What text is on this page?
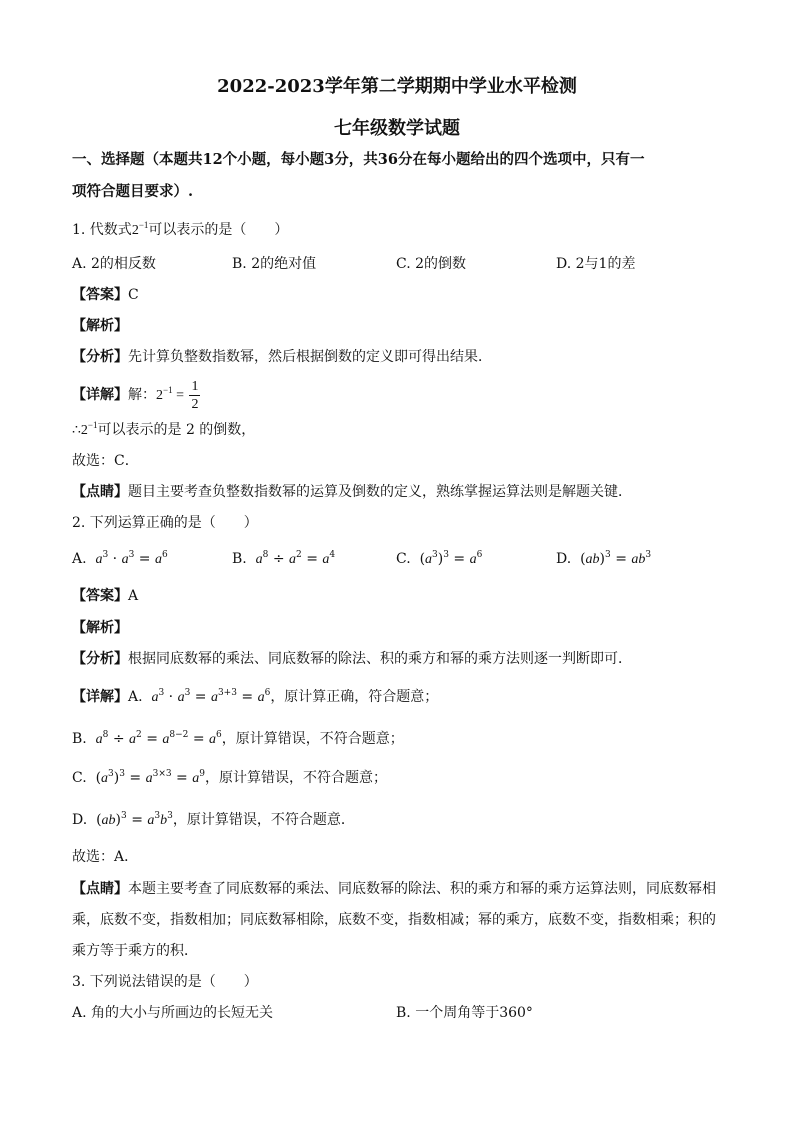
2022-2023学年第二学期期中学业水平检测
七年级数学试题
一、选择题（本题共12个小题，每小题3分，共36分在每小题给出的四个选项中，只有一
项符合题目要求）.
1. 代数式$2^{-1}$可以表示的是（　　）
A. 2的相反数	B. 2的绝对值	C. 2的倒数	D. 2与1的差
【答案】C
【解析】
【分析】先计算负整数指数幂，然后根据倒数的定义即可得出结果．
【详解】解：$2^{-1} = \frac{1}{2}$
$\therefore 2^{-1}$可以表示的是 2 的倒数，
故选：C．
【点睛】题目主要考查负整数指数幂的运算及倒数的定义，熟练掌握运算法则是解题关键．
2. 下列运算正确的是（　　）
A.  $a^3 \cdot a^3 = a^6$	B.  $a^8 \div a^2 = a^4$	C.  $(a^3)^3 = a^6$	D.  $(ab)^3 = ab^3$
【答案】A
【解析】
【分析】根据同底数幂的乘法、同底数幂的除法、积的乘方和幂的乘方法则逐一判断即可．
【详解】A.  $a^3 \cdot a^3 = a^{3+3} = a^6$，原计算正确，符合题意；
B.  $a^8 \div a^2 = a^{8-2} = a^6$，原计算错误，不符合题意；
C.  $(a^3)^3 = a^{3\times 3} = a^9$，原计算错误，不符合题意；
D.  $(ab)^3 = a^3b^3$，原计算错误，不符合题意．
故选：A．
【点睛】本题主要考查了同底数幂的乘法、同底数幂的除法、积的乘方和幂的乘方运算法则，同底数幂相
乘，底数不变，指数相加；同底数幂相除，底数不变，指数相减；幂的乘方，底数不变，指数相乘；积的
乘方等于乘方的积．
3. 下列说法错误的是（　　）
A. 角的大小与所画边的长短无关	B. 一个周角等于360°
